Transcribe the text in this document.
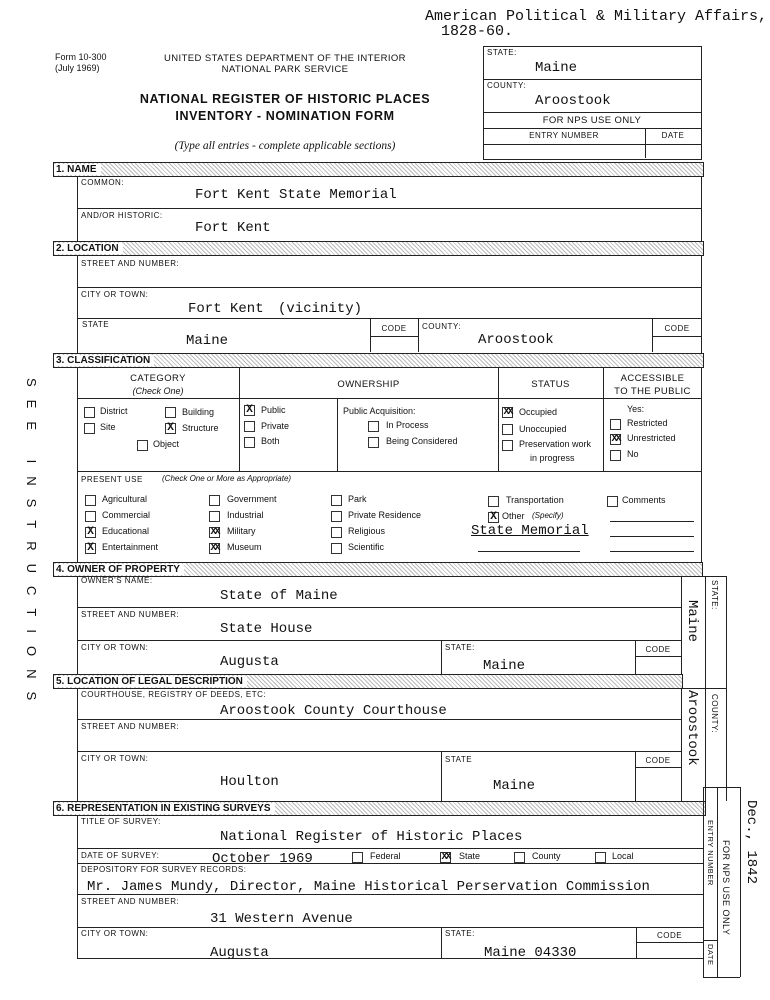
American Political & Military Affairs,
1828-60.
Form 10-300
(July 1969)
UNITED STATES DEPARTMENT OF THE INTERIOR
NATIONAL PARK SERVICE
NATIONAL REGISTER OF HISTORIC PLACES
INVENTORY - NOMINATION FORM
(Type all entries - complete applicable sections)
STATE:
Maine
COUNTY:
Aroostook
FOR NPS USE ONLY
ENTRY NUMBER	DATE
SEE INSTRUCTIONS
1. NAME
COMMON:
Fort Kent State Memorial
AND/OR HISTORIC:
Fort Kent
2. LOCATION
STREET AND NUMBER:
CITY OR TOWN:
Fort Kent (vicinity)
STATE
Maine
CODE	COUNTY:
Aroostook
CODE
3. CLASSIFICATION
CATEGORY
(Check One)
OWNERSHIP	STATUS
ACCESSIBLE
TO THE PUBLIC
District	Building
Site	X Structure
Object
X Public
Private
Both
Public Acquisition:
In Process
Being Considered
XX Occupied
Unoccupied
Preservation work
in progress
Yes:
Restricted
XX Unrestricted
No
PRESENT USE (Check One or More as Appropriate)
Agricultural
Commercial
X Educational
X Entertainment
Government
Industrial
XX Military
XX Museum
Park
Private Residence
Religious
Scientific
Transportation
X Other (Specify)
State Memorial
Comments
4. OWNER OF PROPERTY
OWNER'S NAME:
State of Maine
STREET AND NUMBER:
State House
CITY OR TOWN:
Augusta
STATE:
Maine
CODE
STATE:
Maine
COUNTY:
Aroostook
5. LOCATION OF LEGAL DESCRIPTION
COURTHOUSE, REGISTRY OF DEEDS, ETC:
Aroostook County Courthouse
STREET AND NUMBER:
CITY OR TOWN:
Houlton
STATE
Maine
CODE
6. REPRESENTATION IN EXISTING SURVEYS
TITLE OF SURVEY:
National Register of Historic Places
DATE OF SURVEY:	October 1969	Federal	XX State	County	Local
DEPOSITORY FOR SURVEY RECORDS:
Mr. James Mundy, Director, Maine Historical Perservation Commission
STREET AND NUMBER:
31 Western Avenue
CITY OR TOWN:
Augusta
STATE:
Maine 04330
CODE
ENTRY NUMBER FOR NPS USE ONLY
DATE
Dec., 1842
